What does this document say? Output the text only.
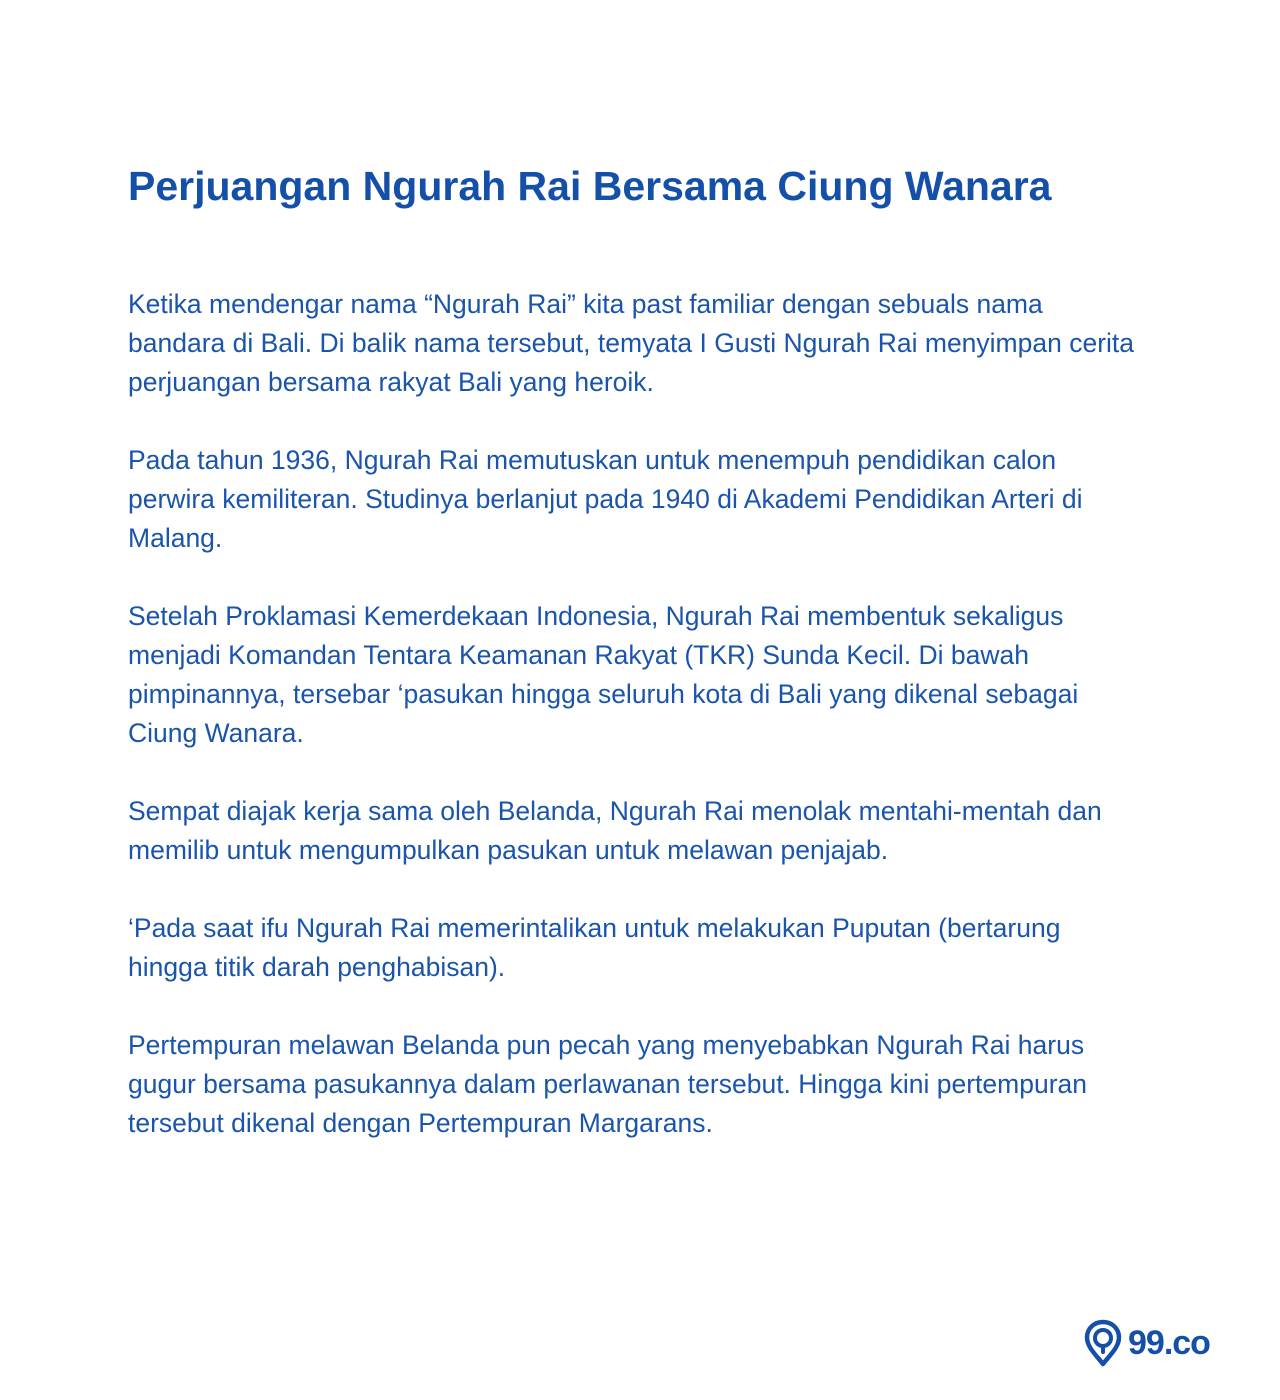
Perjuangan Ngurah Rai Bersama Ciung Wanara

Ketika mendengar nama “Ngurah Rai” kita past familiar dengan sebuals nama bandara di Bali. Di balik nama tersebut, temyata I Gusti Ngurah Rai menyimpan cerita perjuangan bersama rakyat Bali yang heroik.

Pada tahun 1936, Ngurah Rai memutuskan untuk menempuh pendidikan calon perwira kemiliteran. Studinya berlanjut pada 1940 di Akademi Pendidikan Arteri di Malang.

Setelah Proklamasi Kemerdekaan Indonesia, Ngurah Rai membentuk sekaligus menjadi Komandan Tentara Keamanan Rakyat (TKR) Sunda Kecil. Di bawah pimpinannya, tersebar ‘pasukan hingga seluruh kota di Bali yang dikenal sebagai Ciung Wanara.

Sempat diajak kerja sama oleh Belanda, Ngurah Rai menolak mentahi-mentah dan memilib untuk mengumpulkan pasukan untuk melawan penjajab.

‘Pada saat ifu Ngurah Rai memerintalikan untuk melakukan Puputan (bertarung hingga titik darah penghabisan).

Pertempuran melawan Belanda pun pecah yang menyebabkan Ngurah Rai harus gugur bersama pasukannya dalam perlawanan tersebut. Hingga kini pertempuran tersebut dikenal dengan Pertempuran Margarans.

99.co
